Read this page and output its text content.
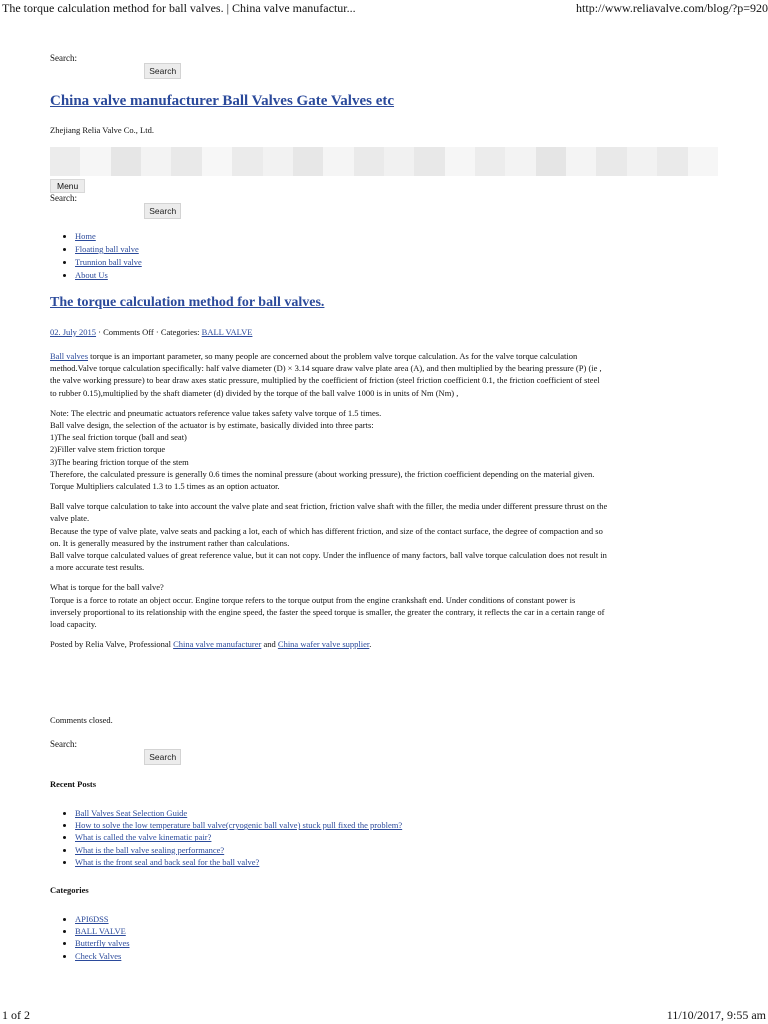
The torque calculation method for ball valves. | China valve manufactur...	http://www.reliavalve.com/blog/?p=920
Search:
Search
China valve manufacturer Ball Valves Gate Valves etc
Zhejiang Relia Valve Co., Ltd.
Menu
Search:
Search
• Home
• Floating ball valve
• Trunnion ball valve
• About Us
The torque calculation method for ball valves.
02. July 2015 · Comments Off · Categories: BALL VALVE

Ball valves torque is an important parameter, so many people are concerned about the problem valve torque calculation. As for the valve torque calculation
method.Valve torque calculation specifically: half valve diameter (D) × 3.14 square draw valve plate area (A), and then multiplied by the bearing pressure (P) (ie ,
the valve working pressure) to bear draw axes static pressure, multiplied by the coefficient of friction (steel friction coefficient 0.1, the friction coefficient of steel
to rubber 0.15),multiplied by the shaft diameter (d) divided by the torque of the ball valve 1000 is in units of Nm (Nm) ,

Note: The electric and pneumatic actuators reference value takes safety valve torque of 1.5 times.
Ball valve design, the selection of the actuator is by estimate, basically divided into three parts:
1)The seal friction torque (ball and seat)
2)Filler valve stem friction torque
3)The bearing friction torque of the stem
Therefore, the calculated pressure is generally 0.6 times the nominal pressure (about working pressure), the friction coefficient depending on the material given.
Torque Multipliers calculated 1.3 to 1.5 times as an option actuator.

Ball valve torque calculation to take into account the valve plate and seat friction, friction valve shaft with the filler, the media under different pressure thrust on the
valve plate.
Because the type of valve plate, valve seats and packing a lot, each of which has different friction, and size of the contact surface, the degree of compaction and so
on. It is generally measured by the instrument rather than calculations.
Ball valve torque calculated values of great reference value, but it can not copy. Under the influence of many factors, ball valve torque calculation does not result in
a more accurate test results.

What is torque for the ball valve?
Torque is a force to rotate an object occur. Engine torque refers to the torque output from the engine crankshaft end. Under conditions of constant power is
inversely proportional to its relationship with the engine speed, the faster the speed torque is smaller, the greater the contrary, it reflects the car in a certain range of
load capacity.

Posted by Relia Valve, Professional China valve manufacturer and China wafer valve supplier.

Comments closed.
Search:
Search
Recent Posts
• Ball Valves Seat Selection Guide
• How to solve the low temperature ball valve(cryogenic ball valve) stuck pull fixed the problem?
• What is called the valve kinematic pair?
• What is the ball valve sealing performance?
• What is the front seal and back seal for the ball valve?
Categories
• API6DSS
• BALL VALVE
• Butterfly valves
• Check Valves
1 of 2	11/10/2017, 9:55 am
